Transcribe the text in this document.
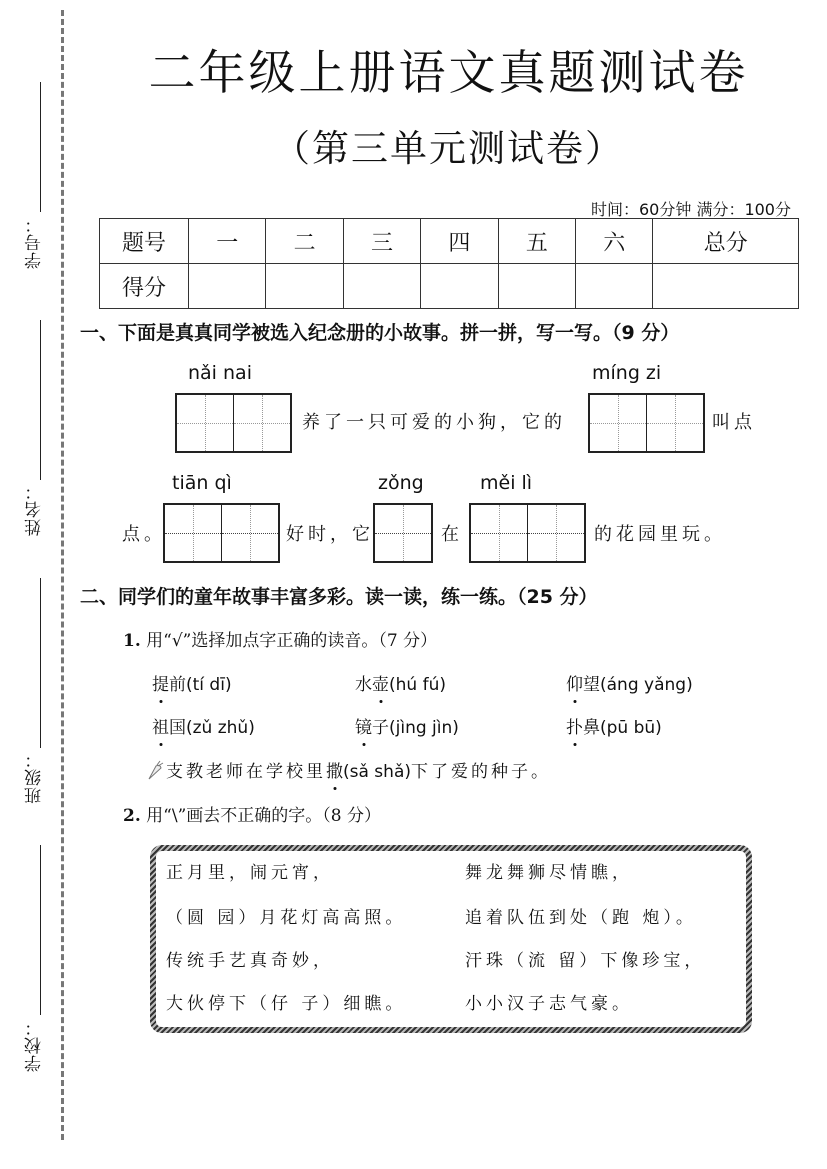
学号：
姓名：
班级：
学校：
二年级上册语文真题测试卷
（第三单元测试卷）
时间：60分钟 满分：100分
题号	一	二	三	四	五	六	总分
得分							
一、下面是真真同学被选入纪念册的小故事。拼一拼，写一写。（9 分）
nǎi nai
养了一只可爱的小狗，它的
míng zi
叫点
点。
tiān qì
好时，它
zǒng
在
měi lì
的花园里玩。
二、同学们的童年故事丰富多彩。读一读，练一练。（25 分）
1. 用“√”选择加点字正确的读音。（7 分）
提前(tí dī)	水壶(hú fú)	仰望(áng yǎng)
祖国(zǔ zhǔ)	镜子(jìng jìn)	扑鼻(pū bū)
支教老师在学校里撒(sǎ shǎ)下了爱的种子。
2. 用“\”画去不正确的字。（8 分）
正月里，闹元宵，
（圆 园）月花灯高高照。
传统手艺真奇妙，
大伙停下（仔 子）细瞧。
舞龙舞狮尽情瞧，
追着队伍到处（跑 炮）。
汗珠（流 留）下像珍宝，
小小汉子志气豪。
